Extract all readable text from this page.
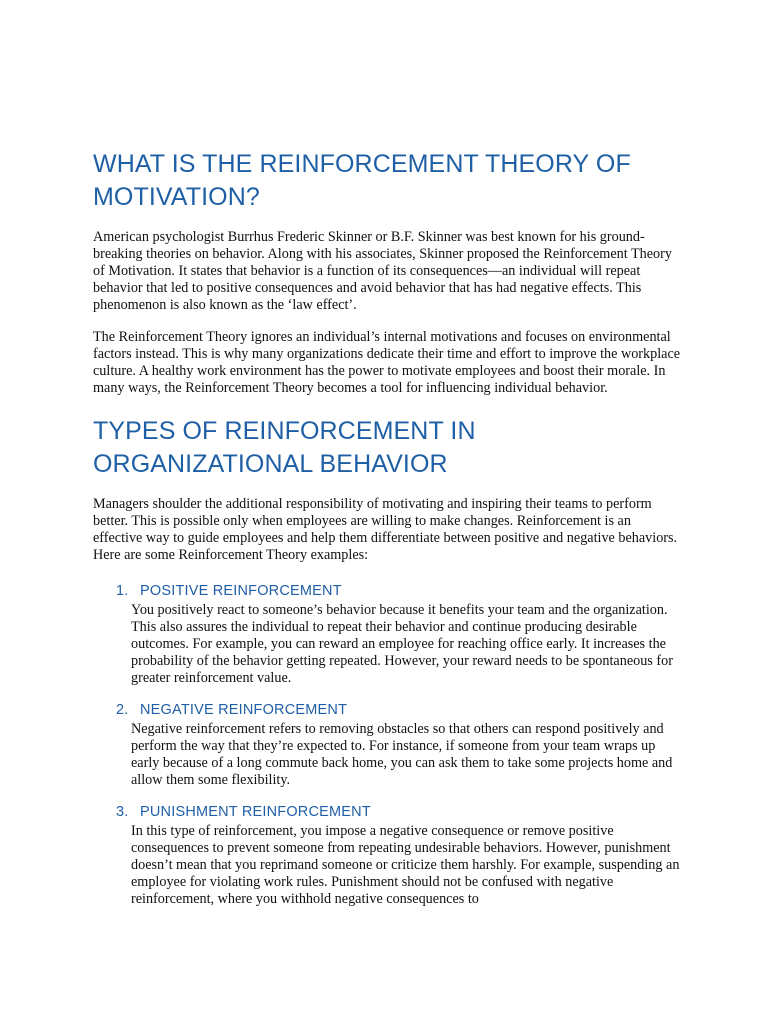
WHAT IS THE REINFORCEMENT THEORY OF MOTIVATION?

American psychologist Burrhus Frederic Skinner or B.F. Skinner was best known for his ground-breaking theories on behavior. Along with his associates, Skinner proposed the Reinforcement Theory of Motivation. It states that behavior is a function of its consequences—an individual will repeat behavior that led to positive consequences and avoid behavior that has had negative effects. This phenomenon is also known as the ‘law effect’.

The Reinforcement Theory ignores an individual’s internal motivations and focuses on environmental factors instead. This is why many organizations dedicate their time and effort to improve the workplace culture. A healthy work environment has the power to motivate employees and boost their morale. In many ways, the Reinforcement Theory becomes a tool for influencing individual behavior.

TYPES OF REINFORCEMENT IN ORGANIZATIONAL BEHAVIOR

Managers shoulder the additional responsibility of motivating and inspiring their teams to perform better. This is possible only when employees are willing to make changes. Reinforcement is an effective way to guide employees and help them differentiate between positive and negative behaviors. Here are some Reinforcement Theory examples:

1. POSITIVE REINFORCEMENT
You positively react to someone’s behavior because it benefits your team and the organization. This also assures the individual to repeat their behavior and continue producing desirable outcomes. For example, you can reward an employee for reaching office early. It increases the probability of the behavior getting repeated. However, your reward needs to be spontaneous for greater reinforcement value.
2. NEGATIVE REINFORCEMENT
Negative reinforcement refers to removing obstacles so that others can respond positively and perform the way that they’re expected to. For instance, if someone from your team wraps up early because of a long commute back home, you can ask them to take some projects home and allow them some flexibility.
3. PUNISHMENT REINFORCEMENT
In this type of reinforcement, you impose a negative consequence or remove positive consequences to prevent someone from repeating undesirable behaviors. However, punishment doesn’t mean that you reprimand someone or criticize them harshly. For example, suspending an employee for violating work rules. Punishment should not be confused with negative reinforcement, where you withhold negative consequences to
